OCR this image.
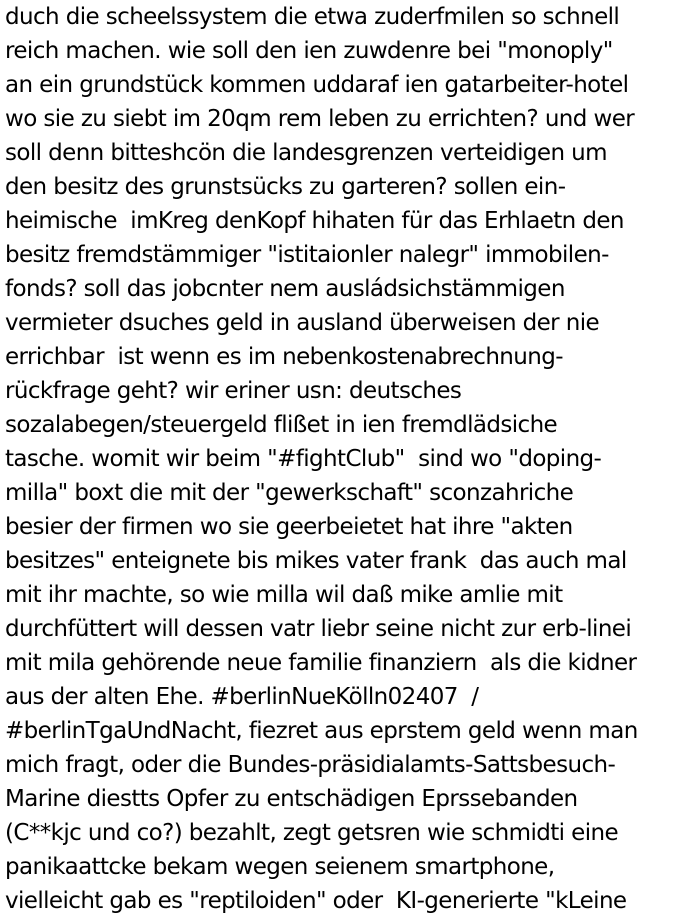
duch die scheelssystem die etwa zuderfmilen so schnell
reich machen. wie soll den ien zuwdenre bei "monoply"
an ein grundstück kommen uddaraf ien gatarbeiter-hotel
wo sie zu siebt im 20qm rem leben zu errichten? und wer
soll denn bitteshcön die landesgrenzen verteidigen um
den besitz des grunstsücks zu garteren? sollen ein-
heimische  imKreg denKopf hihaten für das Erhlaetn den
besitz fremdstämmiger "istitaionler nalegr" immobilen-
fonds? soll das jobcnter nem ausládsichstämmigen
vermieter dsuches geld in ausland überweisen der nie
errichbar  ist wenn es im nebenkostenabrechnung-
rückfrage geht? wir eriner usn: deutsches
sozalabegen/steuergeld flißet in ien fremdlädsiche
tasche. womit wir beim "#fightClub"  sind wo "doping-
milla" boxt die mit der "gewerkschaft" sconzahriche
besier der firmen wo sie geerbeietet hat ihre "akten
besitzes" enteignete bis mikes vater frank  das auch mal
mit ihr machte, so wie milla wil daß mike amlie mit
durchfüttert will dessen vatr liebr seine nicht zur erb-linei
mit mila gehörende neue familie finanziern  als die kidner
aus der alten Ehe. #berlinNueKölln02407  /
#berlinTgaUndNacht, fiezret aus eprstem geld wenn man
mich fragt, oder die Bundes-präsidialamts-Sattsbesuch-
Marine diestts Opfer zu entschädigen Eprssebanden
(C**kjc und co?) bezahlt, zegt getsren wie schmidti eine
panikaattcke bekam wegen seienem smartphone,
vielleicht gab es "reptiloiden" oder  KI-generierte "kLeine
